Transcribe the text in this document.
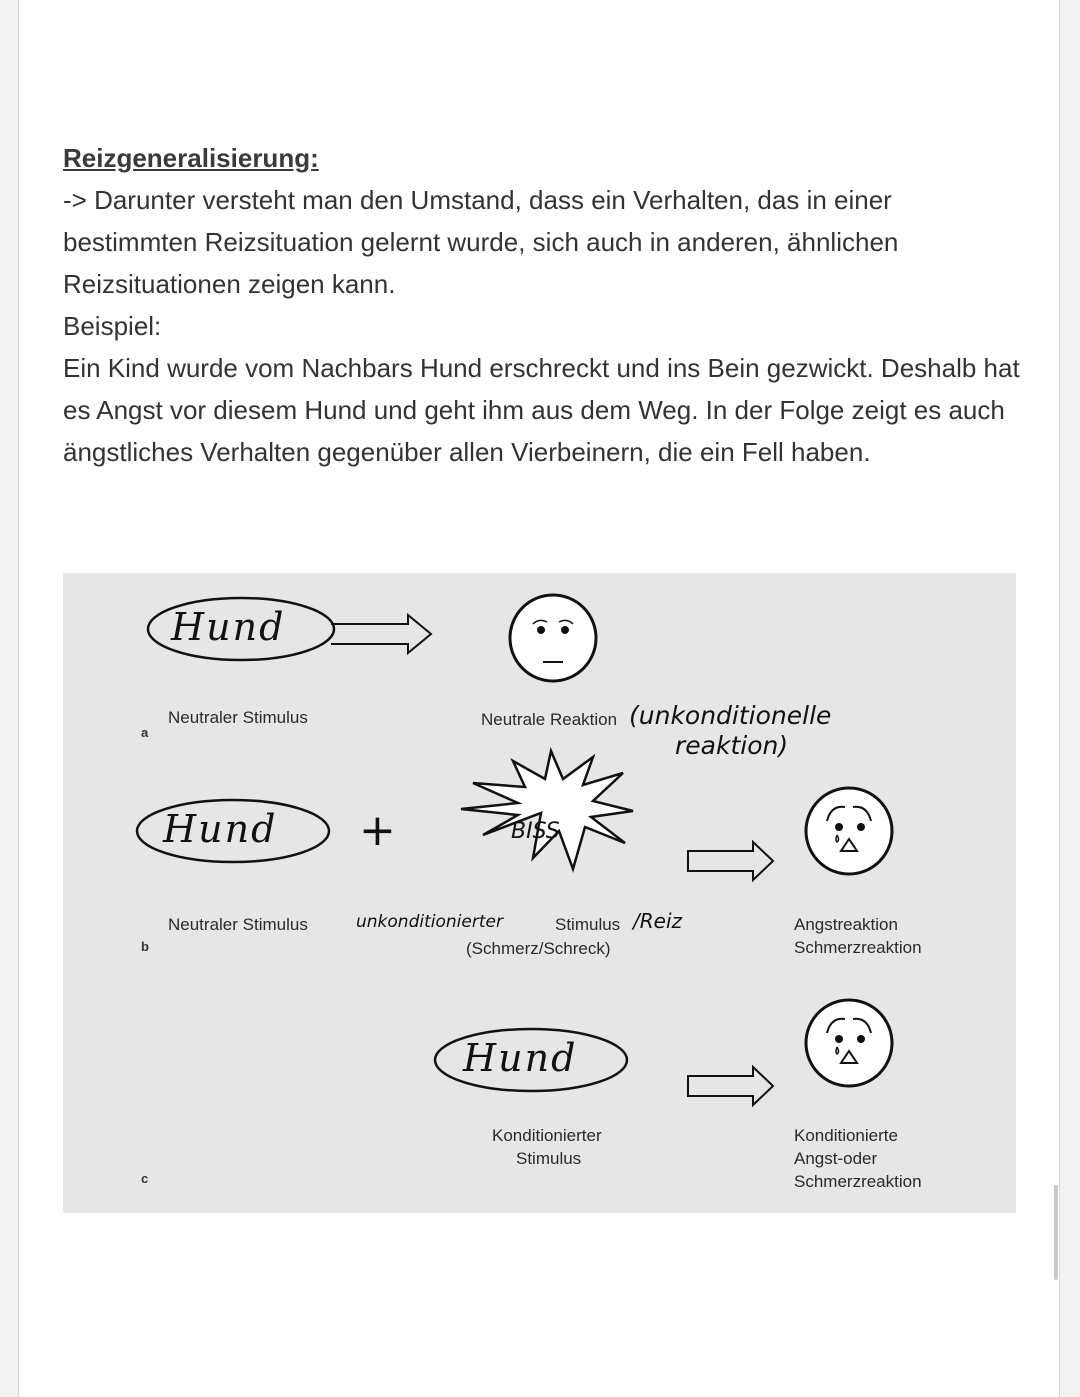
Reizgeneralisierung:

-> Darunter versteht man den Umstand, dass ein Verhalten, das in einer bestimmten Reizsituation gelernt wurde, sich auch in anderen, ähnlichen Reizsituationen zeigen kann.

Beispiel:

Ein Kind wurde vom Nachbars Hund erschreckt und ins Bein gezwickt. Deshalb hat es Angst vor diesem Hund und geht ihm aus dem Weg. In der Folge zeigt es auch ängstliches Verhalten gegenüber allen Vierbeinern, die ein Fell haben.

+
Hund
Hund
Hund
BISS
a
Neutraler Stimulus	Neutrale Reaktion (unkonditionelle
reaktion)
b
Neutraler Stimulus	unkonditionierter	Stimulus /Reiz
(Schmerz/Schreck)
Angstreaktion
Schmerzreaktion
c
Konditionierter
Stimulus
Konditionierte
Angst-oder
Schmerzreaktion
